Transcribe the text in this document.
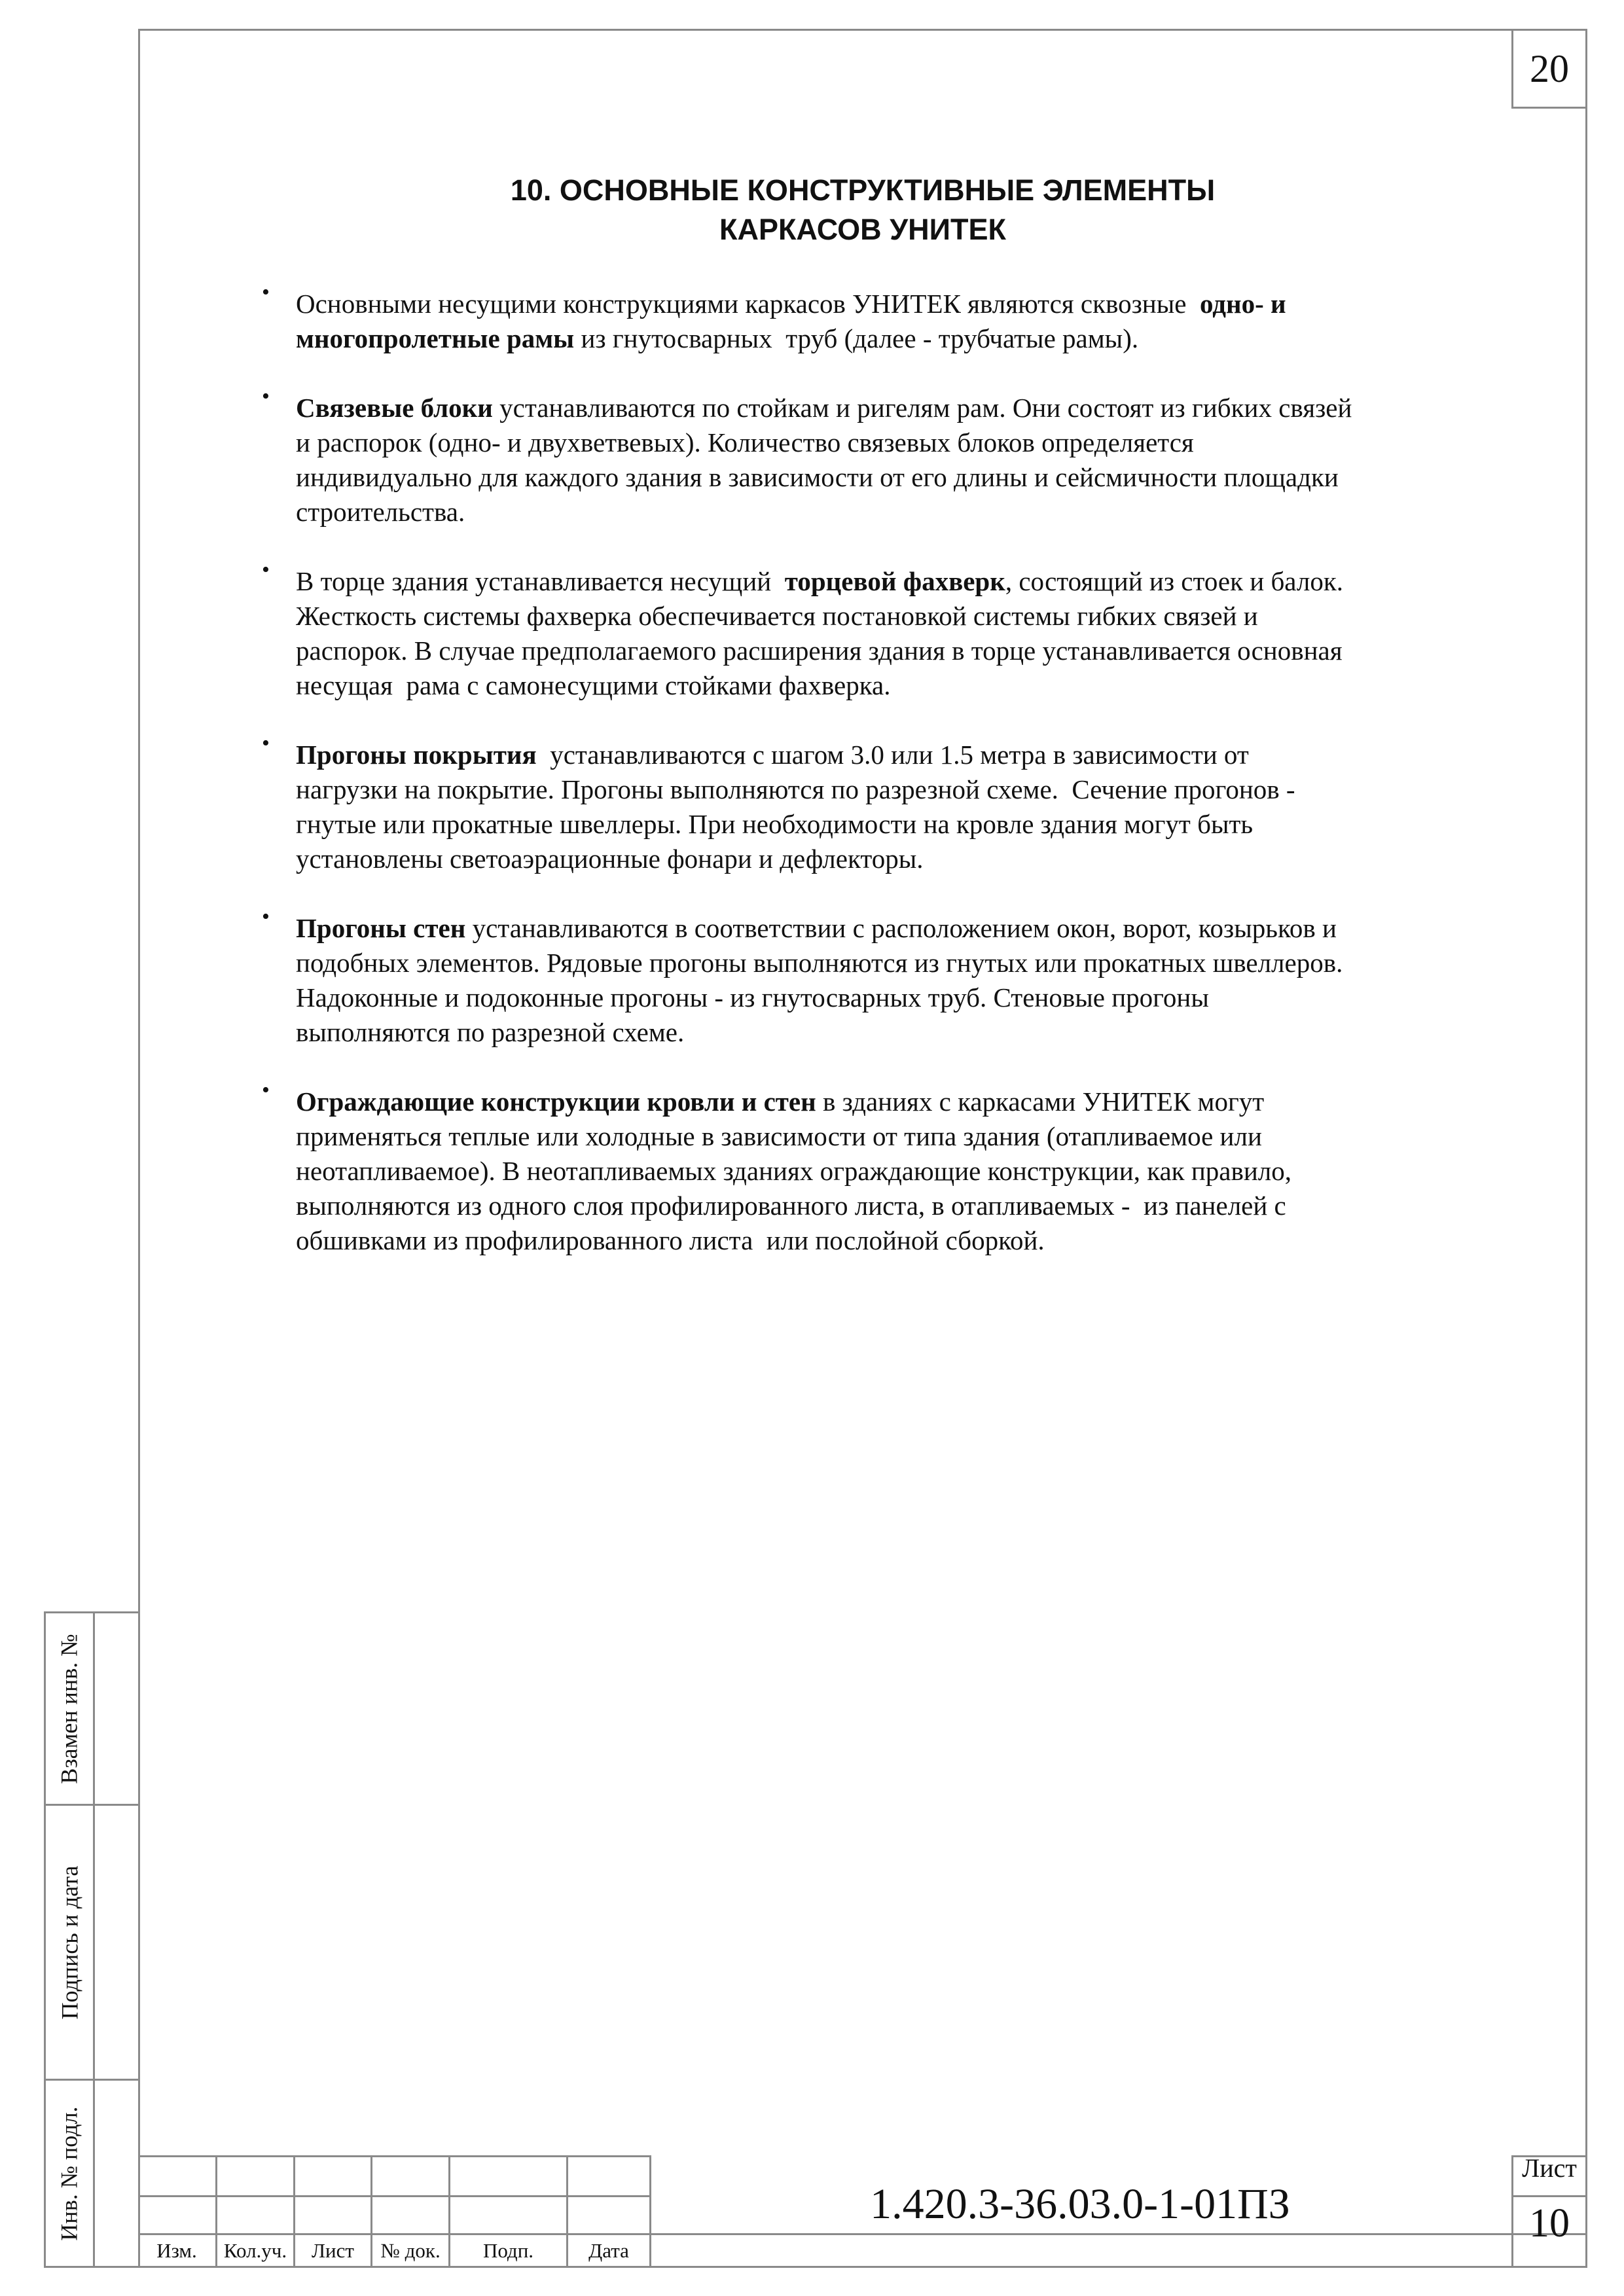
20
10. ОСНОВНЫЕ КОНСТРУКТИВНЫЕ ЭЛЕМЕНТЫ
КАРКАСОВ УНИТЕК
• Основными несущими конструкциями каркасов УНИТЕК являются сквозные  одно- и
многопролетные рамы из гнутосварных  труб (далее - трубчатые рамы).
• Связевые блоки устанавливаются по стойкам и ригелям рам. Они состоят из гибких связей
и распорок (одно- и двухветвевых). Количество связевых блоков определяется
индивидуально для каждого здания в зависимости от его длины и сейсмичности площадки
строительства.
• В торце здания устанавливается несущий  торцевой фахверк, состоящий из стоек и балок.
Жесткость системы фахверка обеспечивается постановкой системы гибких связей и
распорок. В случае предполагаемого расширения здания в торце устанавливается основная
несущая  рама с самонесущими стойками фахверка.
• Прогоны покрытия  устанавливаются с шагом 3.0 или 1.5 метра в зависимости от
нагрузки на покрытие. Прогоны выполняются по разрезной схеме.  Сечение прогонов -
гнутые или прокатные швеллеры. При необходимости на кровле здания могут быть
установлены светоаэрационные фонари и дефлекторы.
• Прогоны стен устанавливаются в соответствии с расположением окон, ворот, козырьков и
подобных элементов. Рядовые прогоны выполняются из гнутых или прокатных швеллеров.
Надоконные и подоконные прогоны - из гнутосварных труб. Стеновые прогоны
выполняются по разрезной схеме.
• Ограждающие конструкции кровли и стен в зданиях с каркасами УНИТЕК могут
применяться теплые или холодные в зависимости от типа здания (отапливаемое или
неотапливаемое). В неотапливаемых зданиях ограждающие конструкции, как правило,
выполняются из одного слоя профилированного листа, в отапливаемых -  из панелей с
обшивками из профилированного листа  или послойной сборкой.
Взамен инв. №
Подпись и дата
Инв. № подл.
Изм.	Кол.уч.	Лист	№ док.	Подп.	Дата
1.420.3-36.03.0-1-01ПЗ
Лист
10
